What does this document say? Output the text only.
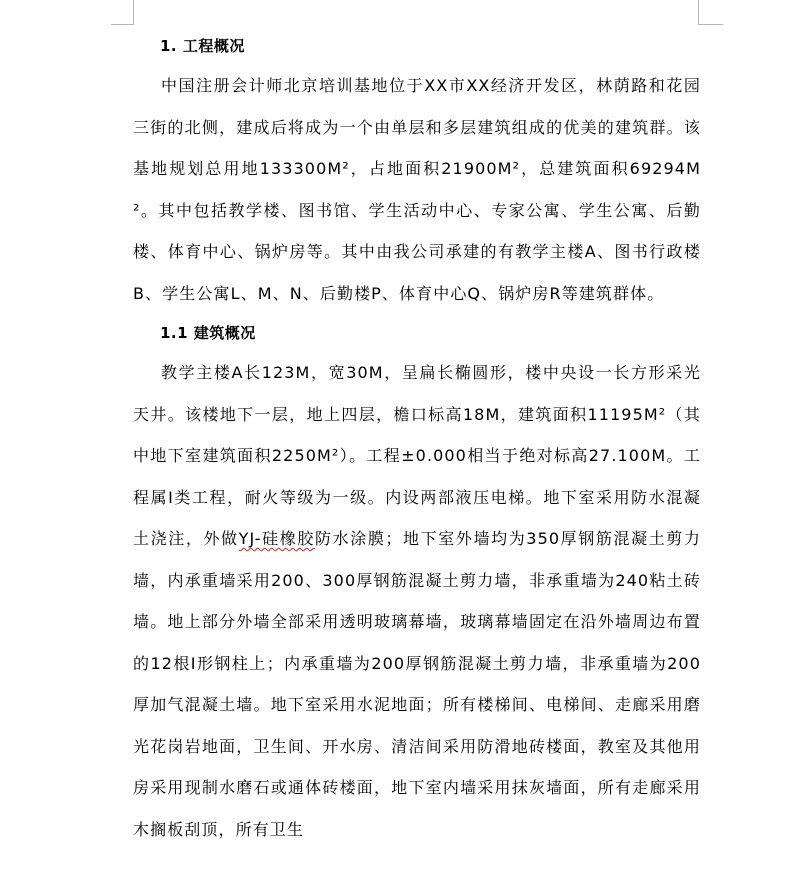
1. 工程概况

中国注册会计师北京培训基地位于XX市XX经济开发区，林荫路和花园三街的北侧，建成后将成为一个由单层和多层建筑组成的优美的建筑群。该基地规划总用地133300M²，占地面积21900M²，总建筑面积69294M²。其中包括教学楼、图书馆、学生活动中心、专家公寓、学生公寓、后勤楼、体育中心、锅炉房等。其中由我公司承建的有教学主楼A、图书行政楼B、学生公寓L、M、N、后勤楼P、体育中心Q、锅炉房R等建筑群体。

1.1 建筑概况

教学主楼A长123M，宽30M，呈扁长椭圆形，楼中央设一长方形采光天井。该楼地下一层，地上四层，檐口标高18M，建筑面积11195M²（其中地下室建筑面积2250M²）。工程±0.000相当于绝对标高27.100M。工程属Ⅰ类工程，耐火等级为一级。内设两部液压电梯。地下室采用防水混凝土浇注，外做YJ-硅橡胶防水涂膜；地下室外墙均为350厚钢筋混凝土剪力墙，内承重墙采用200、300厚钢筋混凝土剪力墙，非承重墙为240粘土砖墙。地上部分外墙全部采用透明玻璃幕墙，玻璃幕墙固定在沿外墙周边布置的12根Ⅰ形钢柱上；内承重墙为200厚钢筋混凝土剪力墙，非承重墙为200厚加气混凝土墙。地下室采用水泥地面；所有楼梯间、电梯间、走廊采用磨光花岗岩地面，卫生间、开水房、清洁间采用防滑地砖楼面，教室及其他用房采用现制水磨石或通体砖楼面，地下室内墙采用抹灰墙面，所有走廊采用木搁板刮顶，所有卫生
